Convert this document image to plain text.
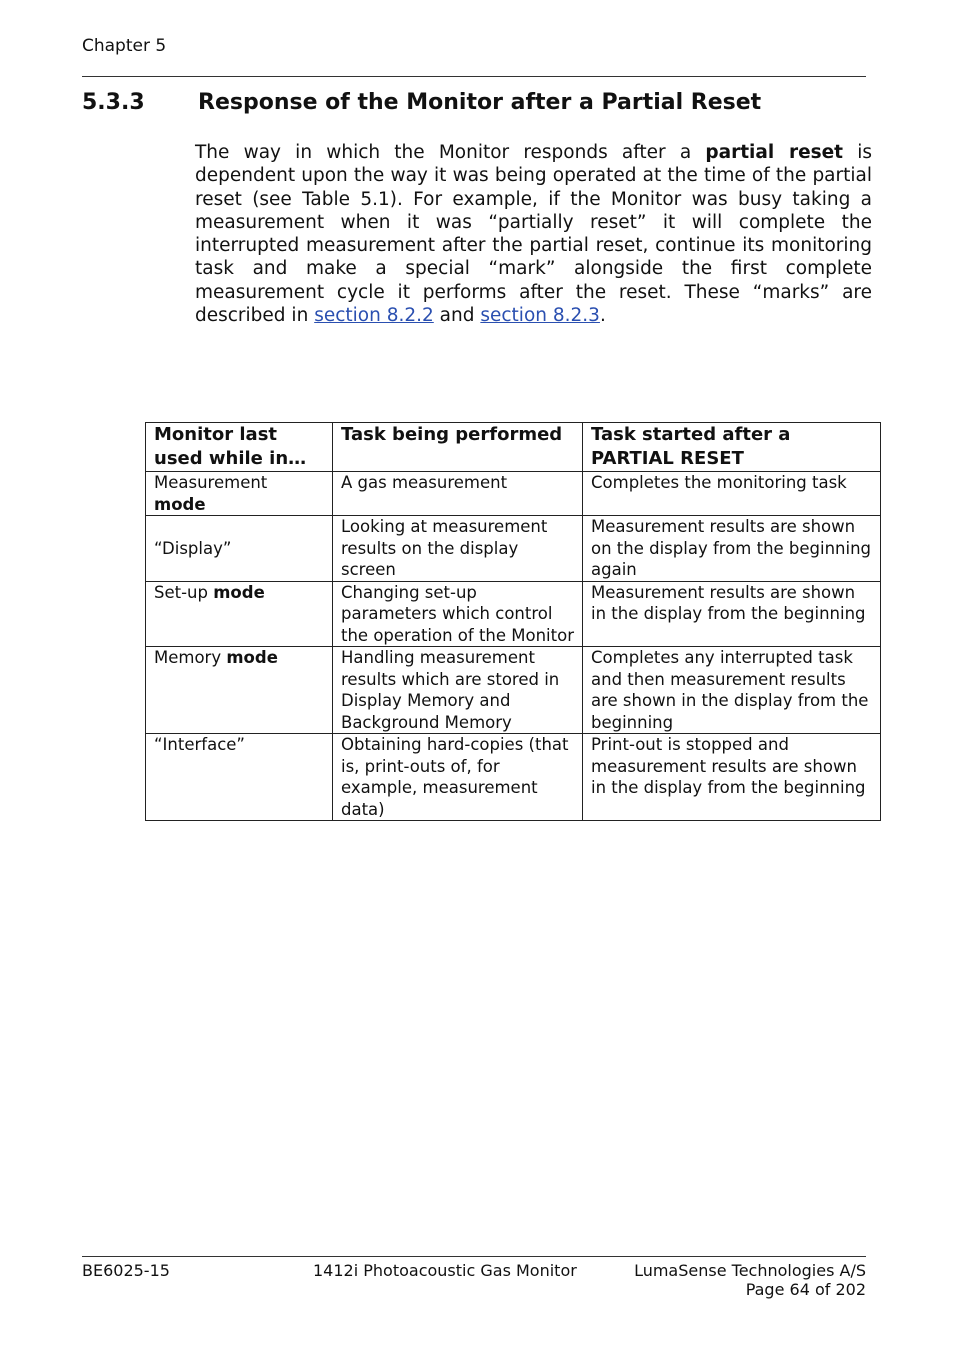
Chapter 5
5.3.3 Response of the Monitor after a Partial Reset
The way in which the Monitor responds after a partial reset is dependent upon the way it was being operated at the time of the partial reset (see Table 5.1). For example, if the Monitor was busy taking a measurement when it was “partially reset” it will complete the interrupted measurement after the partial reset, continue its monitoring task and make a special “mark” alongside the first complete measurement cycle it performs after the reset. These “marks” are described in section 8.2.2 and section 8.2.3.
Monitor last used while in…	Task being performed	Task started after a PARTIAL RESET
Measurement mode	A gas measurement	Completes the monitoring task
“Display”	Looking at measurement results on the display screen	Measurement results are shown on the display from the beginning again
Set-up mode	Changing set-up parameters which control the operation of the Monitor	Measurement results are shown in the display from the beginning
Memory mode	Handling measurement results which are stored in Display Memory and Background Memory	Completes any interrupted task and then measurement results are shown in the display from the beginning
“Interface”	Obtaining hard-copies (that is, print-outs of, for example, measurement data)	Print-out is stopped and measurement results are shown in the display from the beginning
BE6025-15	1412i Photoacoustic Gas Monitor	LumaSense Technologies A/S
Page 64 of 202
